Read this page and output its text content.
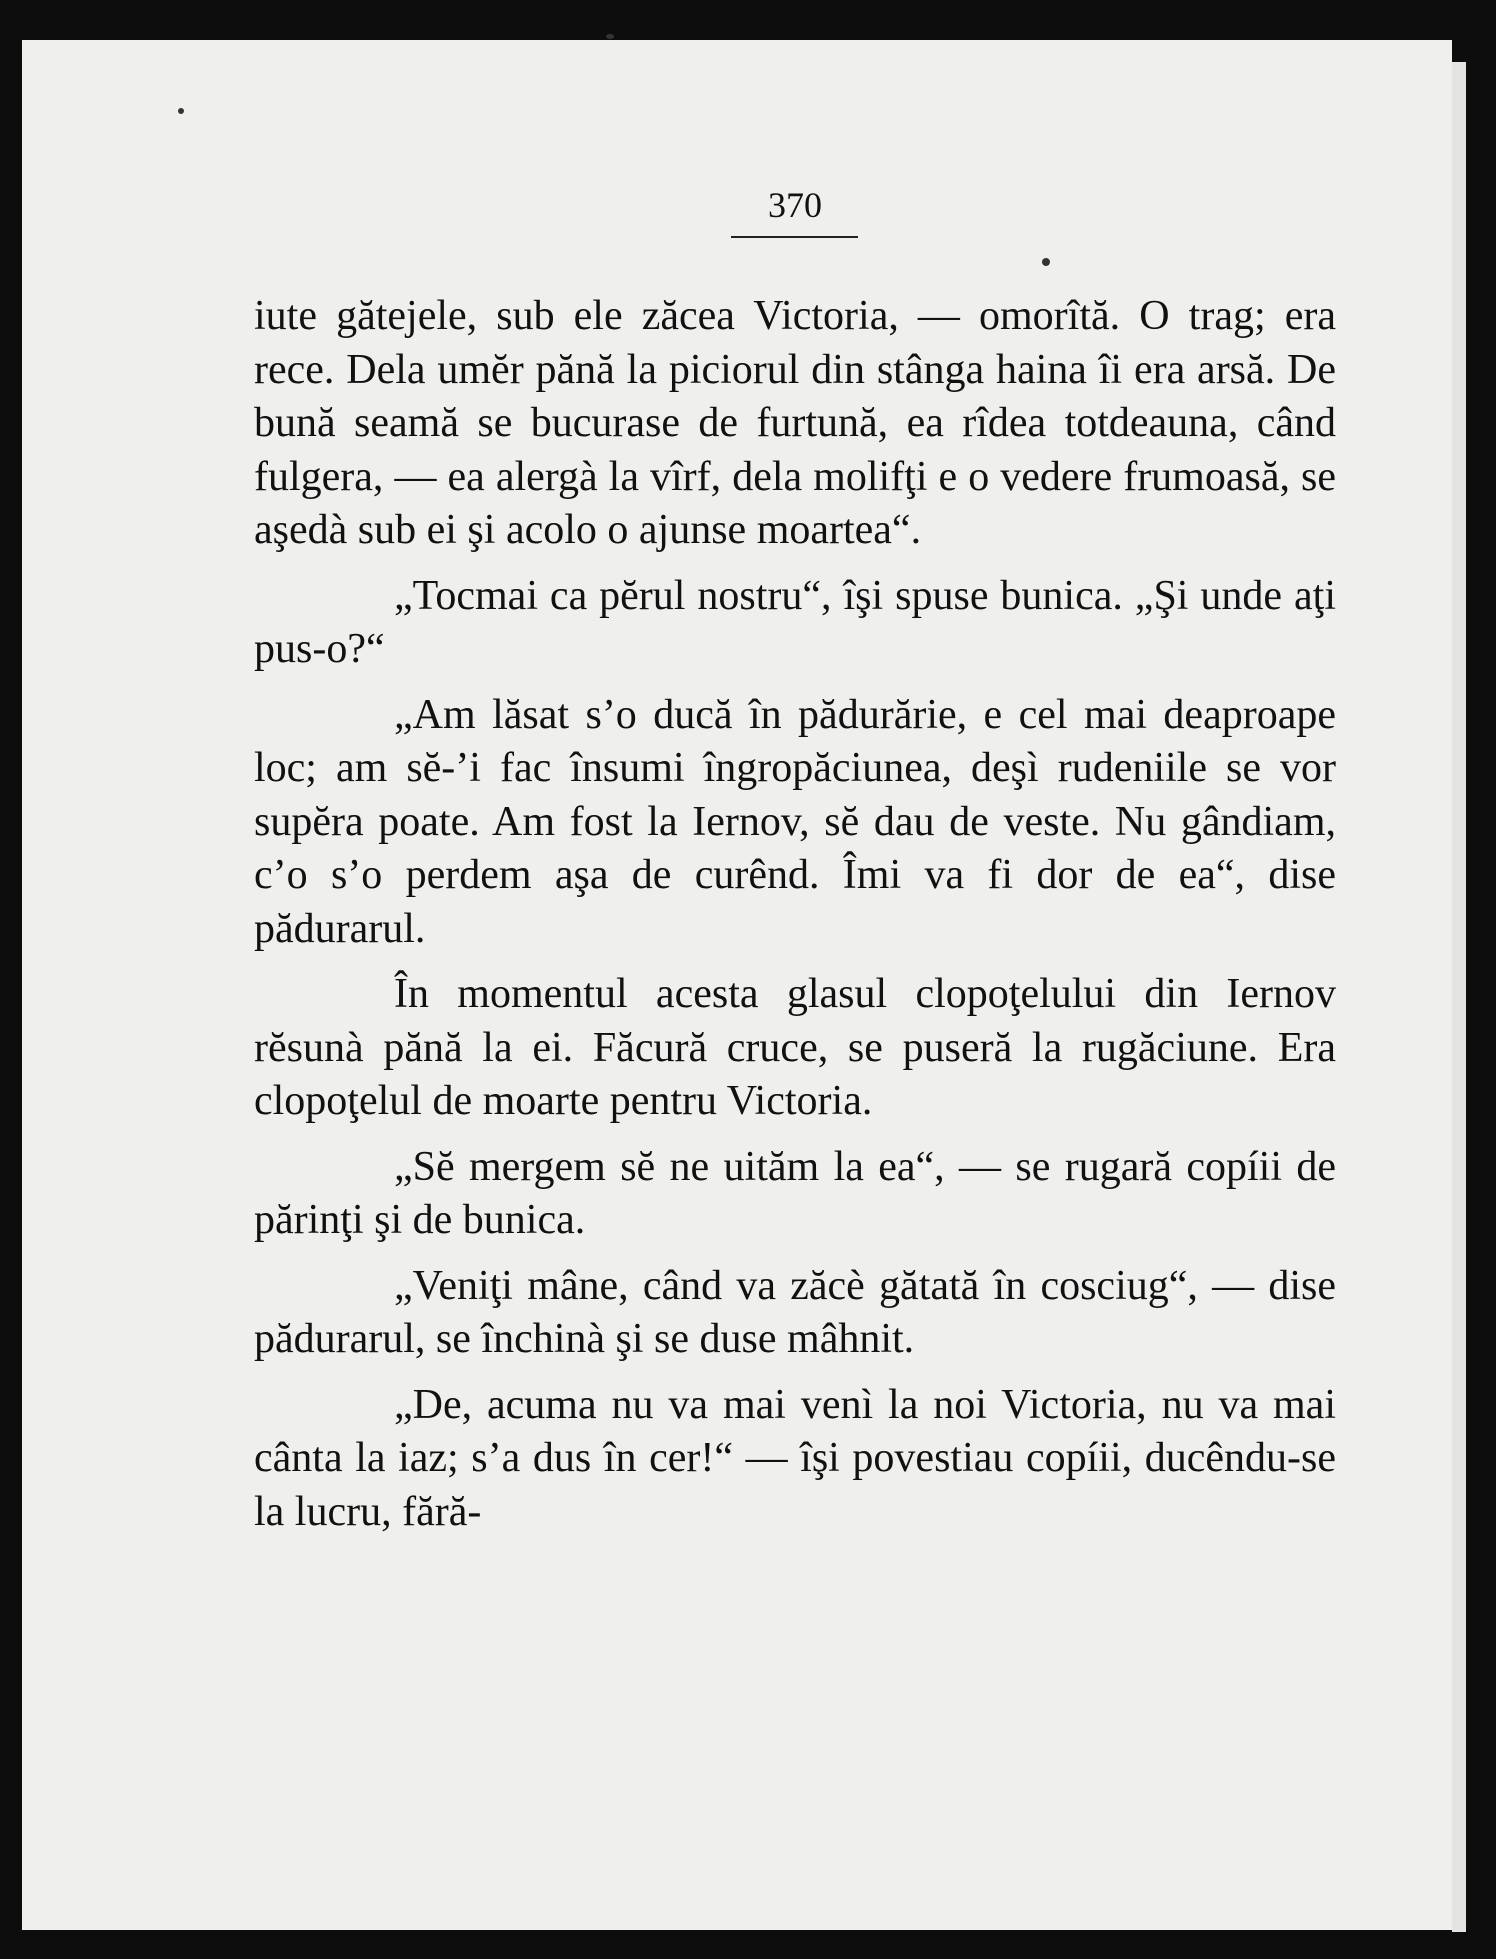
370

iute gătejele, sub ele zăcea Victoria, — omorîtă. O trag; era rece. Dela umĕr pănă la piciorul din stânga haina îi era arsă. De bună seamă se bucurase de furtună, ea rîdea totdeauna, când fulgera, — ea alergà la vîrf, dela molifţi e o vedere frumoasă, se aşedà sub ei şi acolo o ajunse moartea“.

„Tocmai ca pĕrul nostru“, îşi spuse bunica. „Şi unde aţi pus-o?“

„Am lăsat s’o ducă în pădurărie, e cel mai deaproape loc; am sĕ-’i fac însumi îngropăciunea, deşì rudeniile se vor supĕra poate. Am fost la Iernov, sĕ dau de veste. Nu gândiam, c’o s’o perdem aşa de curênd. Îmi va fi dor de ea“, dise pădurarul.

În momentul acesta glasul clopoţelului din Iernov rĕsunà pănă la ei. Făcură cruce, se puseră la rugăciune. Era clopoţelul de moarte pentru Victoria.

„Sĕ mergem sĕ ne uităm la ea“, — se rugară copíii de părinţi şi de bunica.

„Veniţi mâne, când va zăcè gătată în cosciug“, — dise pădurarul, se închinà şi se duse mâhnit.

„De, acuma nu va mai venì la noi Victoria, nu va mai cânta la iaz; s’a dus în cer!“ — îşi povestiau copíii, ducêndu-se la lucru, fără-
